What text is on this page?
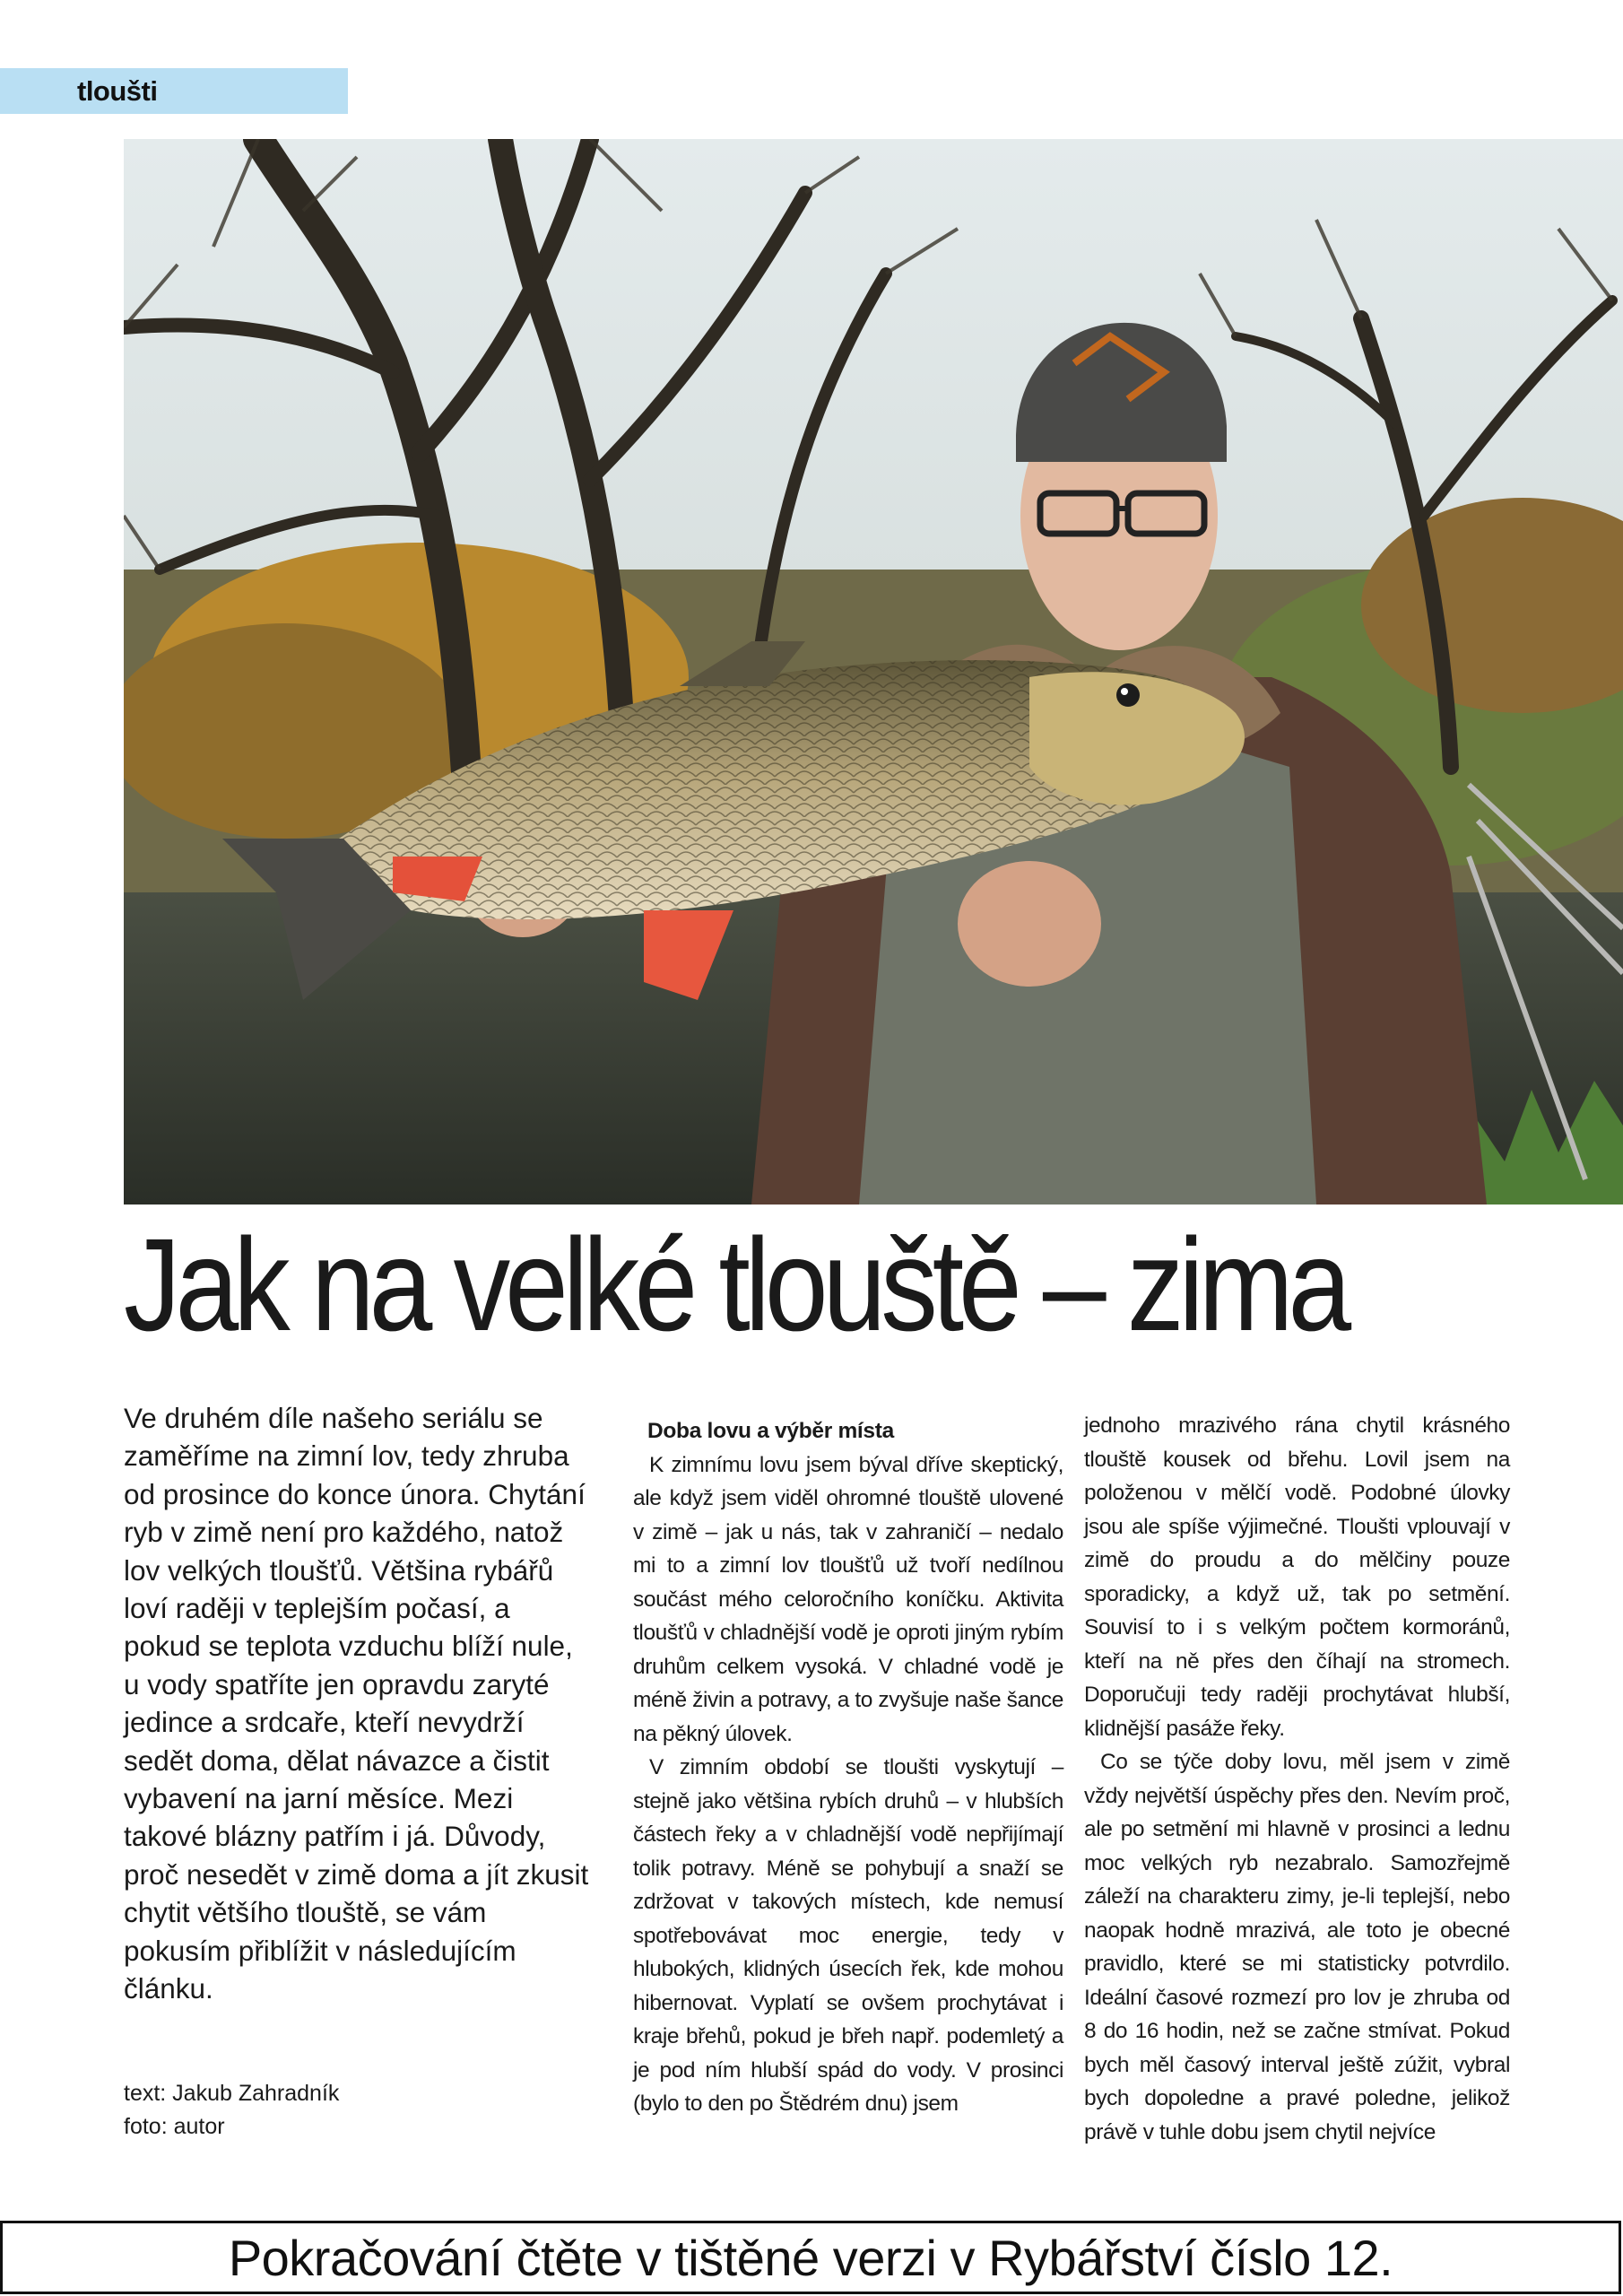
tloušti
Jak na velké tlouště – zima
Ve druhém díle našeho seriálu se zaměříme na zimní lov, tedy zhruba od prosince do konce února. Chytání ryb v zimě není pro každého, natož lov velkých tloušťů. Většina rybářů loví raději v teplejším počasí, a pokud se teplota vzduchu blíží nule, u vody spatříte jen opravdu zaryté jedince a srdcaře, kteří nevydrží sedět doma, dělat návazce a čistit vybavení na jarní měsíce. Mezi takové blázny patřím i já. Důvody, proč nesedět v zimě doma a jít zkusit chytit většího tlouště, se vám pokusím přiblížit v následujícím článku.
text: Jakub Zahradník
foto: autor

Doba lovu a výběr místa

K zimnímu lovu jsem býval dříve skeptický, ale když jsem viděl ohromné tlouště ulovené v zimě – jak u nás, tak v zahraničí – nedalo mi to a zimní lov tloušťů už tvoří nedílnou součást mého celoročního koníčku. Aktivita tloušťů v chladnější vodě je oproti jiným rybím druhům celkem vysoká. V chladné vodě je méně živin a potravy, a to zvyšuje naše šance na pěkný úlovek.

V zimním období se tloušti vyskytují – stejně jako většina rybích druhů – v hlubších částech řeky a v chladnější vodě nepřijímají tolik potravy. Méně se pohybují a snaží se zdržovat v takových místech, kde nemusí spotřebovávat moc energie, tedy v hlubokých, klidných úsecích řek, kde mohou hibernovat. Vyplatí se ovšem prochytávat i kraje břehů, pokud je břeh např. podemletý a je pod ním hlubší spád do vody. V prosinci (bylo to den po Štědrém dnu) jsem

jednoho mrazivého rána chytil krásného tlouště kousek od břehu. Lovil jsem na položenou v mělčí vodě. Podobné úlovky jsou ale spíše výjimečné. Tloušti vplouvají v zimě do proudu a do mělčiny pouze sporadicky, a když už, tak po setmění. Souvisí to i s velkým počtem kormoránů, kteří na ně přes den číhají na stromech. Doporučuji tedy raději prochytávat hlubší, klidnější pasáže řeky.

Co se týče doby lovu, měl jsem v zimě vždy největší úspěchy přes den. Nevím proč, ale po setmění mi hlavně v prosinci a lednu moc velkých ryb nezabralo. Samozřejmě záleží na charakteru zimy, je-li teplejší, nebo naopak hodně mrazivá, ale toto je obecné pravidlo, které se mi statisticky potvrdilo. Ideální časové rozmezí pro lov je zhruba od 8 do 16 hodin, než se začne stmívat. Pokud bych měl časový interval ještě zúžit, vybral bych dopoledne a pravé poledne, jelikož právě v tuhle dobu jsem chytil nejvíce

Pokračování čtěte v tištěné verzi v Rybářství číslo 12.
